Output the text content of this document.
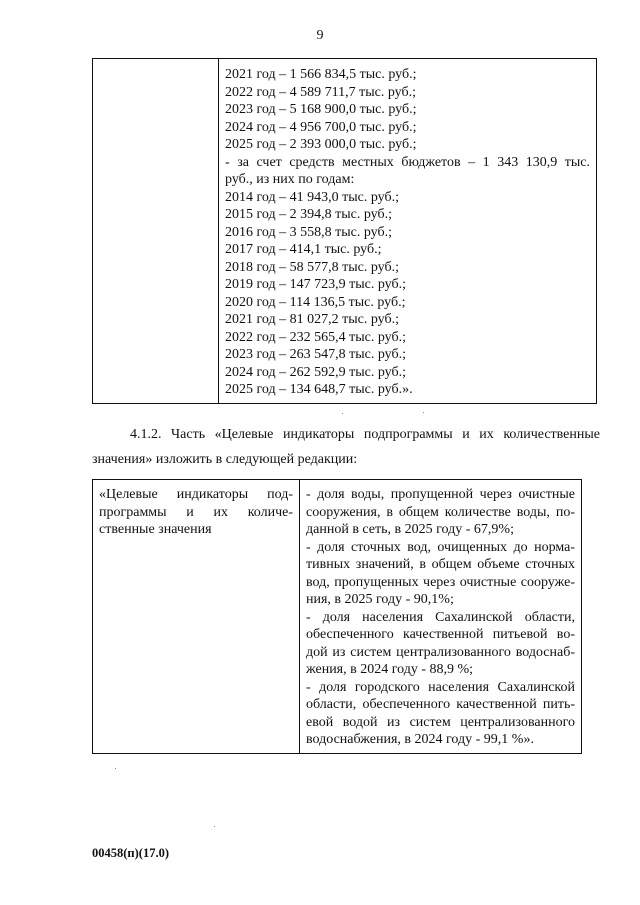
9

2021 год – 1 566 834,5 тыс. руб.;
2022 год – 4 589 711,7 тыс. руб.;
2023 год – 5 168 900,0 тыс. руб.;
2024 год – 4 956 700,0 тыс. руб.;
2025 год – 2 393 000,0 тыс. руб.;
- за счет средств местных бюджетов – 1 343 130,9 тыс.
руб., из них по годам:
2014 год – 41 943,0 тыс. руб.;
2015 год – 2 394,8 тыс. руб.;
2016 год – 3 558,8 тыс. руб.;
2017 год – 414,1 тыс. руб.;
2018 год – 58 577,8 тыс. руб.;
2019 год – 147 723,9 тыс. руб.;
2020 год – 114 136,5 тыс. руб.;
2021 год – 81 027,2 тыс. руб.;
2022 год – 232 565,4 тыс. руб.;
2023 год – 263 547,8 тыс. руб.;
2024 год – 262 592,9 тыс. руб.;
2025 год – 134 648,7 тыс. руб.».
4.1.2. Часть «Целевые индикаторы подпрограммы и их количественные
значения» изложить в следующей редакции:
«Целевые индикаторы под-
программы и их количе-
ственные значения

- доля воды, пропущенной через очистные
сооружения, в общем количестве воды, по-
данной в сеть, в 2025 году - 67,9%;
- доля сточных вод, очищенных до норма-
тивных значений, в общем объеме сточных
вод, пропущенных через очистные сооруже-
ния, в 2025 году - 90,1%;
- доля населения Сахалинской области,
обеспеченного качественной питьевой во-
дой из систем централизованного водоснаб-
жения, в 2024 году - 88,9 %;
- доля городского населения Сахалинской
области, обеспеченного качественной пить-
евой водой из систем централизованного
водоснабжения, в 2024 году - 99,1 %».
00458(п)(17.0)
